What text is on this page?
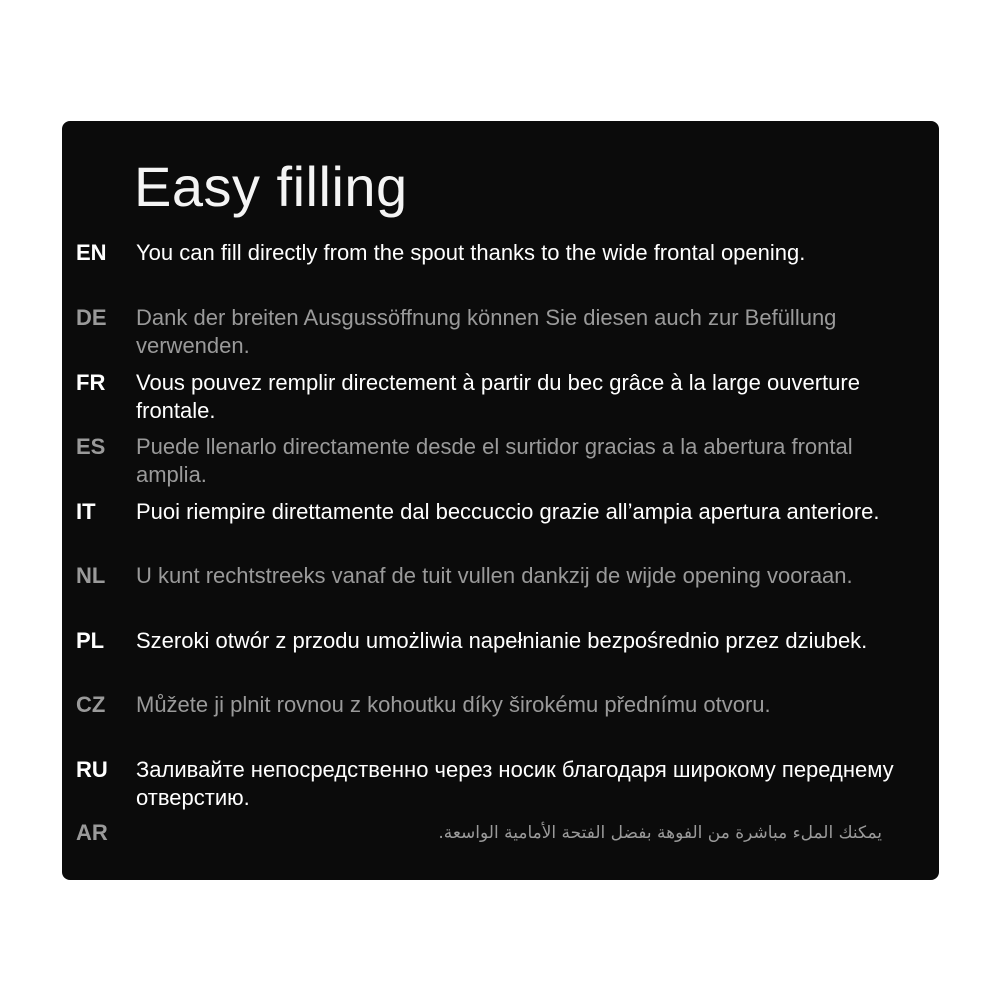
Easy filling
EN You can fill directly from the spout thanks to the wide frontal opening.
DE Dank der breiten Ausgussöffnung können Sie diesen auch zur Befüllung verwenden.
FR Vous pouvez remplir directement à partir du bec grâce à la large ouverture frontale.
ES Puede llenarlo directamente desde el surtidor gracias a la abertura frontal amplia.
IT Puoi riempire direttamente dal beccuccio grazie all’ampia apertura anteriore.
NL U kunt rechtstreeks vanaf de tuit vullen dankzij de wijde opening vooraan.
PL Szeroki otwór z przodu umożliwia napełnianie bezpośrednio przez dziubek.
CZ Můžete ji plnit rovnou z kohoutku díky širokému přednímu otvoru.
RU Заливайте непосредственно через носик благодаря широкому переднему отверстию.
AR	يمكنك الملء مباشرة من الفوهة بفضل الفتحة الأمامية الواسعة.
